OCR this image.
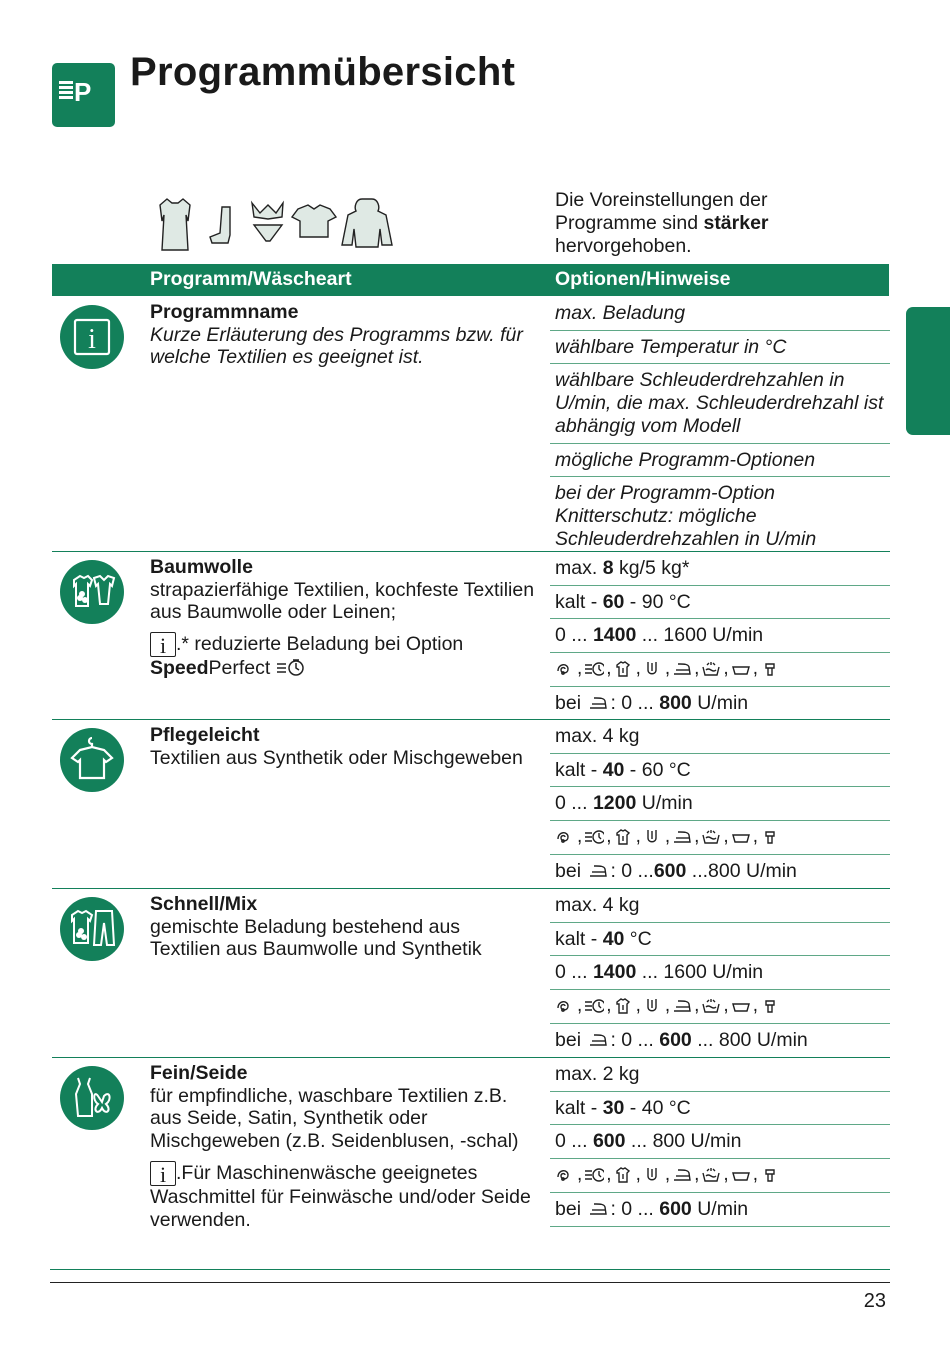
P Programmübersicht
Die Voreinstellungen der
Programme sind stärker
hervorgehoben.
Programm/Wäscheart	Optionen/Hinweise
i
Programmname
Kurze Erläuterung des Programms bzw. für welche Textilien es geeignet ist.
max. Beladung
wählbare Temperatur in °C
wählbare Schleuderdrehzahlen in U/min, die max. Schleuderdrehzahl ist abhängig vom Modell
mögliche Programm-Optionen
bei der Programm-Option Knitterschutz: mögliche Schleuderdrehzahlen in U/min
Baumwolle
strapazierfähige Textilien, kochfeste Textilien aus Baumwolle oder Leinen;
i .* reduzierte Beladung bei Option
SpeedPerfect
max. 8 kg/5 kg*
kalt - 60 - 90 °C
0 ... 1400 ... 1600 U/min
, , , , , , ,
bei : 0 ... 800 U/min
Pflegeleicht
Textilien aus Synthetik oder Mischgeweben
max. 4 kg
kalt - 40 - 60 °C
0 ... 1200 U/min
, , , , , , ,
bei : 0 ...600 ...800 U/min
Schnell/Mix
gemischte Beladung bestehend aus Textilien aus Baumwolle und Synthetik
max. 4 kg
kalt - 40 °C
0 ... 1400 ... 1600 U/min
, , , , , , ,
bei : 0 ... 600 ... 800 U/min
Fein/Seide
für empfindliche, waschbare Textilien z.B. aus Seide, Satin, Synthetik oder Mischgeweben (z.B. Seidenblusen, -schal)
i .Für Maschinenwäsche geeignetes Waschmittel für Feinwäsche und/oder Seide verwenden.
max. 2 kg
kalt - 30 - 40 °C
0 ... 600 ... 800 U/min
, , , , , , ,
bei : 0 ... 600 U/min
23
